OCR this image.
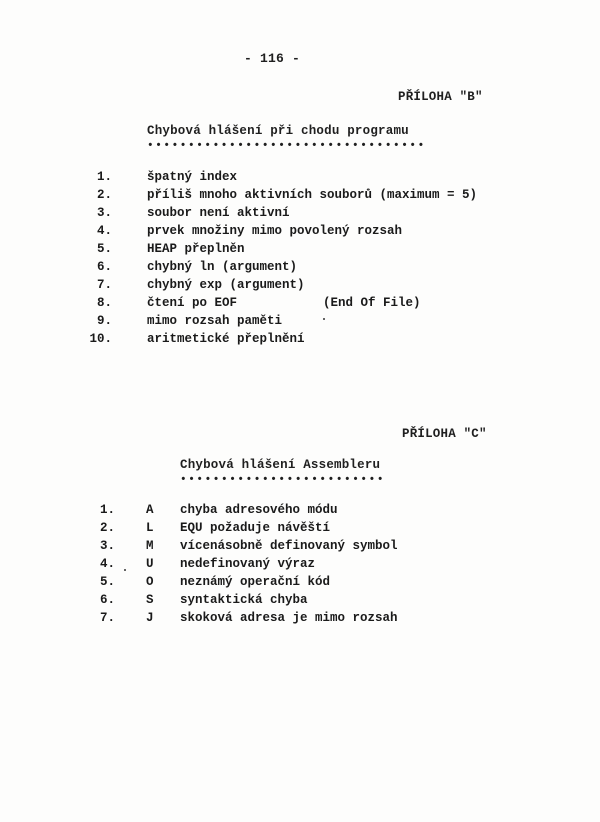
- 116 -
PŘÍLOHA "B"
Chybová hlášení při chodu programu
••••••••••••••••••••••••••••••••••
1.	špatný index
2.	příliš mnoho aktivních souborů (maximum = 5)
3.	soubor není aktivní
4.	prvek množiny mimo povolený rozsah
5.	HEAP přeplněn
6.	chybný ln (argument)
7.	chybný exp (argument)
8.	čtení po EOF	(End Of File)
9.	mimo rozsah paměti
10.	aritmetické přeplnění
PŘÍLOHA "C"
Chybová hlášení Assembleru
•••••••••••••••••••••••••
1. A chyba adresového módu
2. L EQU požaduje návěští
3. M vícenásobně definovaný symbol
4. U nedefinovaný výraz
5. O neznámý operační kód
6. S syntaktická chyba
7. J skoková adresa je mimo rozsah
